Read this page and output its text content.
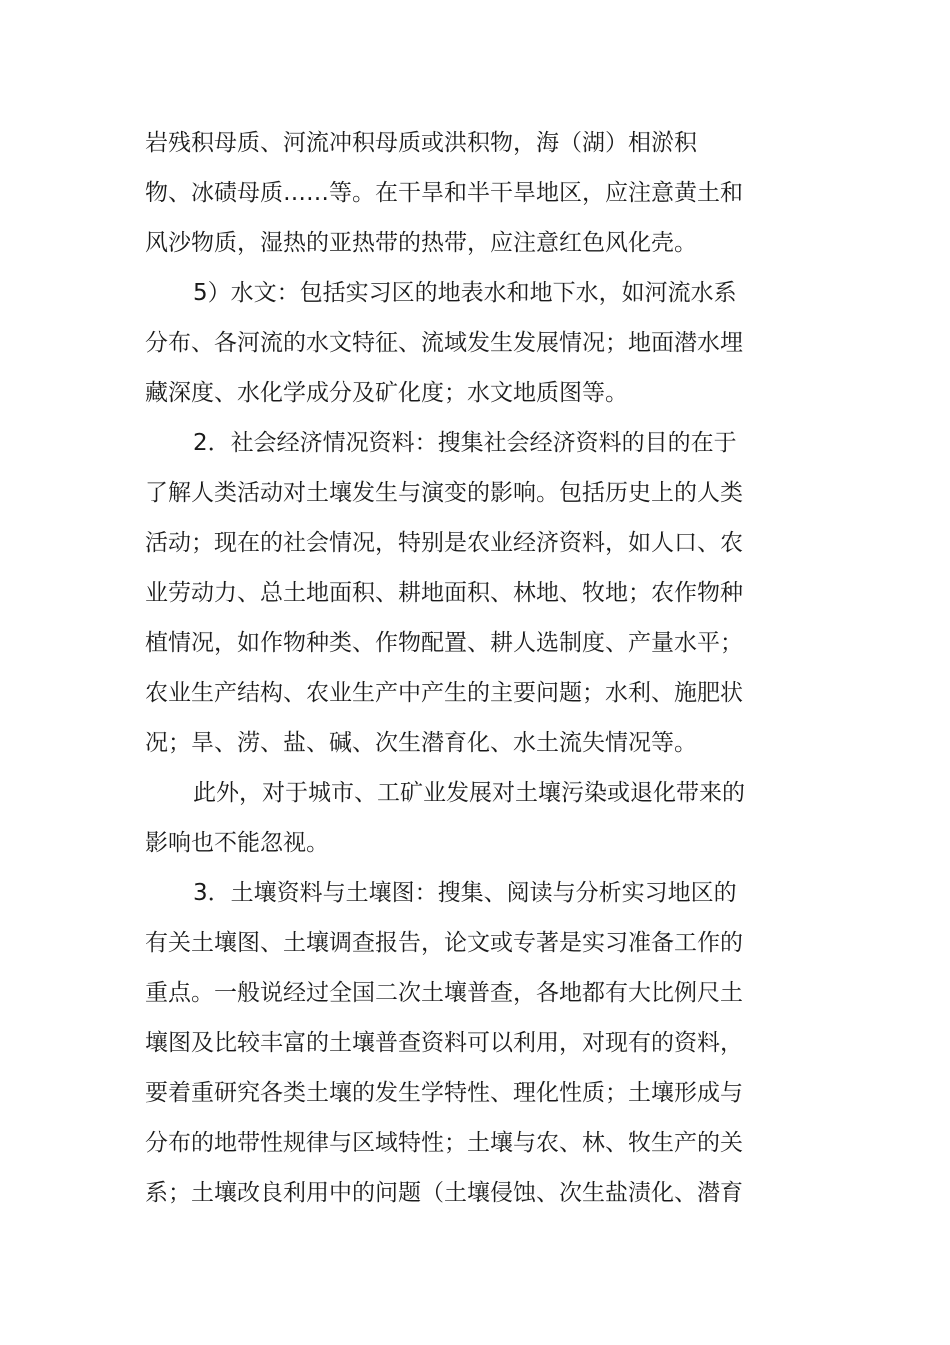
岩残积母质、河流冲积母质或洪积物，海（湖）相淤积
物、冰碛母质……等。在干旱和半干旱地区，应注意黄土和
风沙物质，湿热的亚热带的热带，应注意红色风化壳。
5）水文：包括实习区的地表水和地下水，如河流水系
分布、各河流的水文特征、流域发生发展情况；地面潜水埋
藏深度、水化学成分及矿化度；水文地质图等。
2．社会经济情况资料：搜集社会经济资料的目的在于
了解人类活动对土壤发生与演变的影响。包括历史上的人类
活动；现在的社会情况，特别是农业经济资料，如人口、农
业劳动力、总土地面积、耕地面积、林地、牧地；农作物种
植情况，如作物种类、作物配置、耕人选制度、产量水平；
农业生产结构、农业生产中产生的主要问题；水利、施肥状
况；旱、涝、盐、碱、次生潜育化、水土流失情况等。
此外，对于城市、工矿业发展对土壤污染或退化带来的
影响也不能忽视。
3．土壤资料与土壤图：搜集、阅读与分析实习地区的
有关土壤图、土壤调查报告，论文或专著是实习准备工作的
重点。一般说经过全国二次土壤普查，各地都有大比例尺土
壤图及比较丰富的土壤普查资料可以利用，对现有的资料，
要着重研究各类土壤的发生学特性、理化性质；土壤形成与
分布的地带性规律与区域特性；土壤与农、林、牧生产的关
系；土壤改良利用中的问题（土壤侵蚀、次生盐渍化、潜育
